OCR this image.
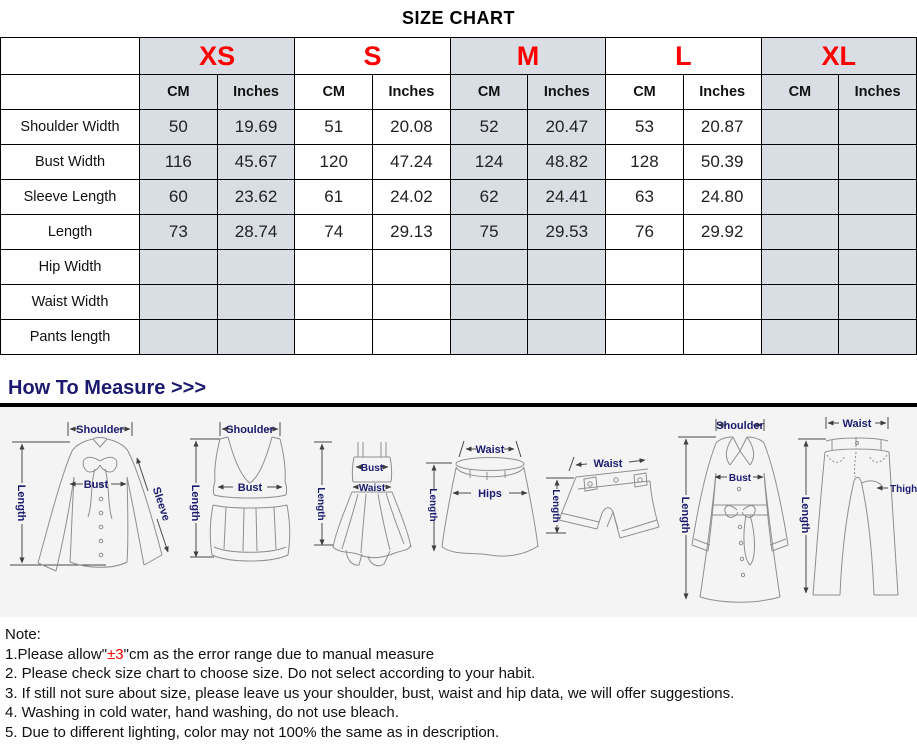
SIZE CHART
	XS		S		M		L		XL	
	CM	Inches	CM	Inches	CM	Inches	CM	Inches	CM	Inches
Shoulder Width	50	19.69	51	20.08	52	20.47	53	20.87		
Bust Width	116	45.67	120	47.24	124	48.82	128	50.39		
Sleeve Length	60	23.62	61	24.02	62	24.41	63	24.80		
Length	73	28.74	74	29.13	75	29.53	76	29.92		
Hip Width										
Waist Width										
Pants length										
How To Measure >>>
Shoulder
Length	Bust
Sleeve
Shoulder
Length	Bust	Length
Bust
Waist
Waist
Hips
Length
Waist
Length
Shoulder
Length
Bust
Waist
Length
Thigh
Note:
1.Please allow"±3"cm as the error range due to manual measure
2. Please check size chart to choose size. Do not select according to your habit.
3. If still not sure about size, please leave us your shoulder, bust, waist and hip data, we will offer suggestions.
4. Washing in cold water, hand washing, do not use bleach.
5. Due to different lighting, color may not 100% the same as in description.
